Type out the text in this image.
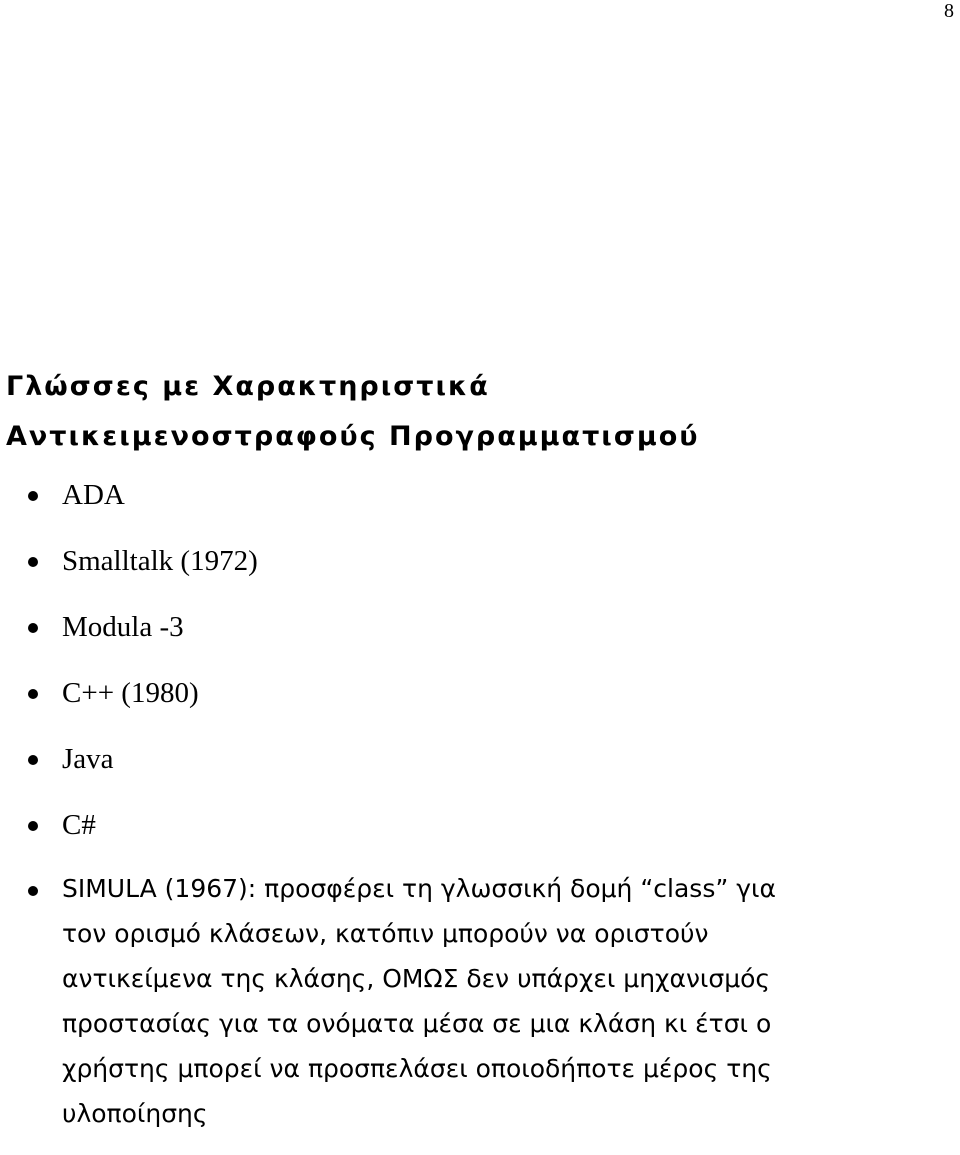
8
Γλώσσες με Χαρακτηριστικά
Αντικειμενοστραφούς Προγραμματισμού
ADA
Smalltalk (1972)
Modula -3
C++ (1980)
Java
C#
SIMULA (1967): προσφέρει τη γλωσσική δομή “class” για
τον ορισμό κλάσεων, κατόπιν μπορούν να οριστούν
αντικείμενα της κλάσης, ΟΜΩΣ δεν υπάρχει μηχανισμός
προστασίας για τα ονόματα μέσα σε μια κλάση κι έτσι ο
χρήστης μπορεί να προσπελάσει οποιοδήποτε μέρος της
υλοποίησης
